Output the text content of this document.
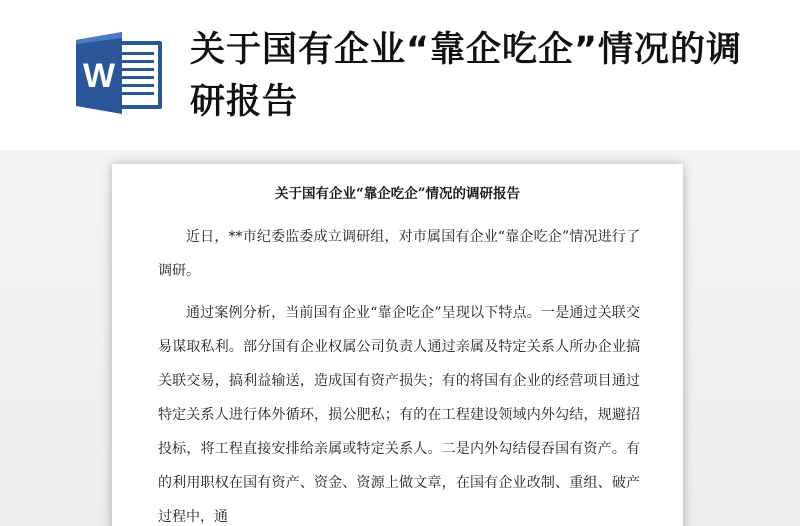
W
关于国有企业“靠企吃企”情况的调研报告
关于国有企业“靠企吃企”情况的调研报告

近日，**市纪委监委成立调研组，对市属国有企业“靠企吃企”情况进行了调研。

通过案例分析，当前国有企业“靠企吃企”呈现以下特点。一是通过关联交易谋取私利。部分国有企业权属公司负责人通过亲属及特定关系人所办企业搞关联交易，搞利益输送，造成国有资产损失；有的将国有企业的经营项目通过特定关系人进行体外循环，损公肥私；有的在工程建设领域内外勾结，规避招投标，将工程直接安排给亲属或特定关系人。二是内外勾结侵吞国有资产。有的利用职权在国有资产、资金、资源上做文章，在国有企业改制、重组、破产过程中，通
